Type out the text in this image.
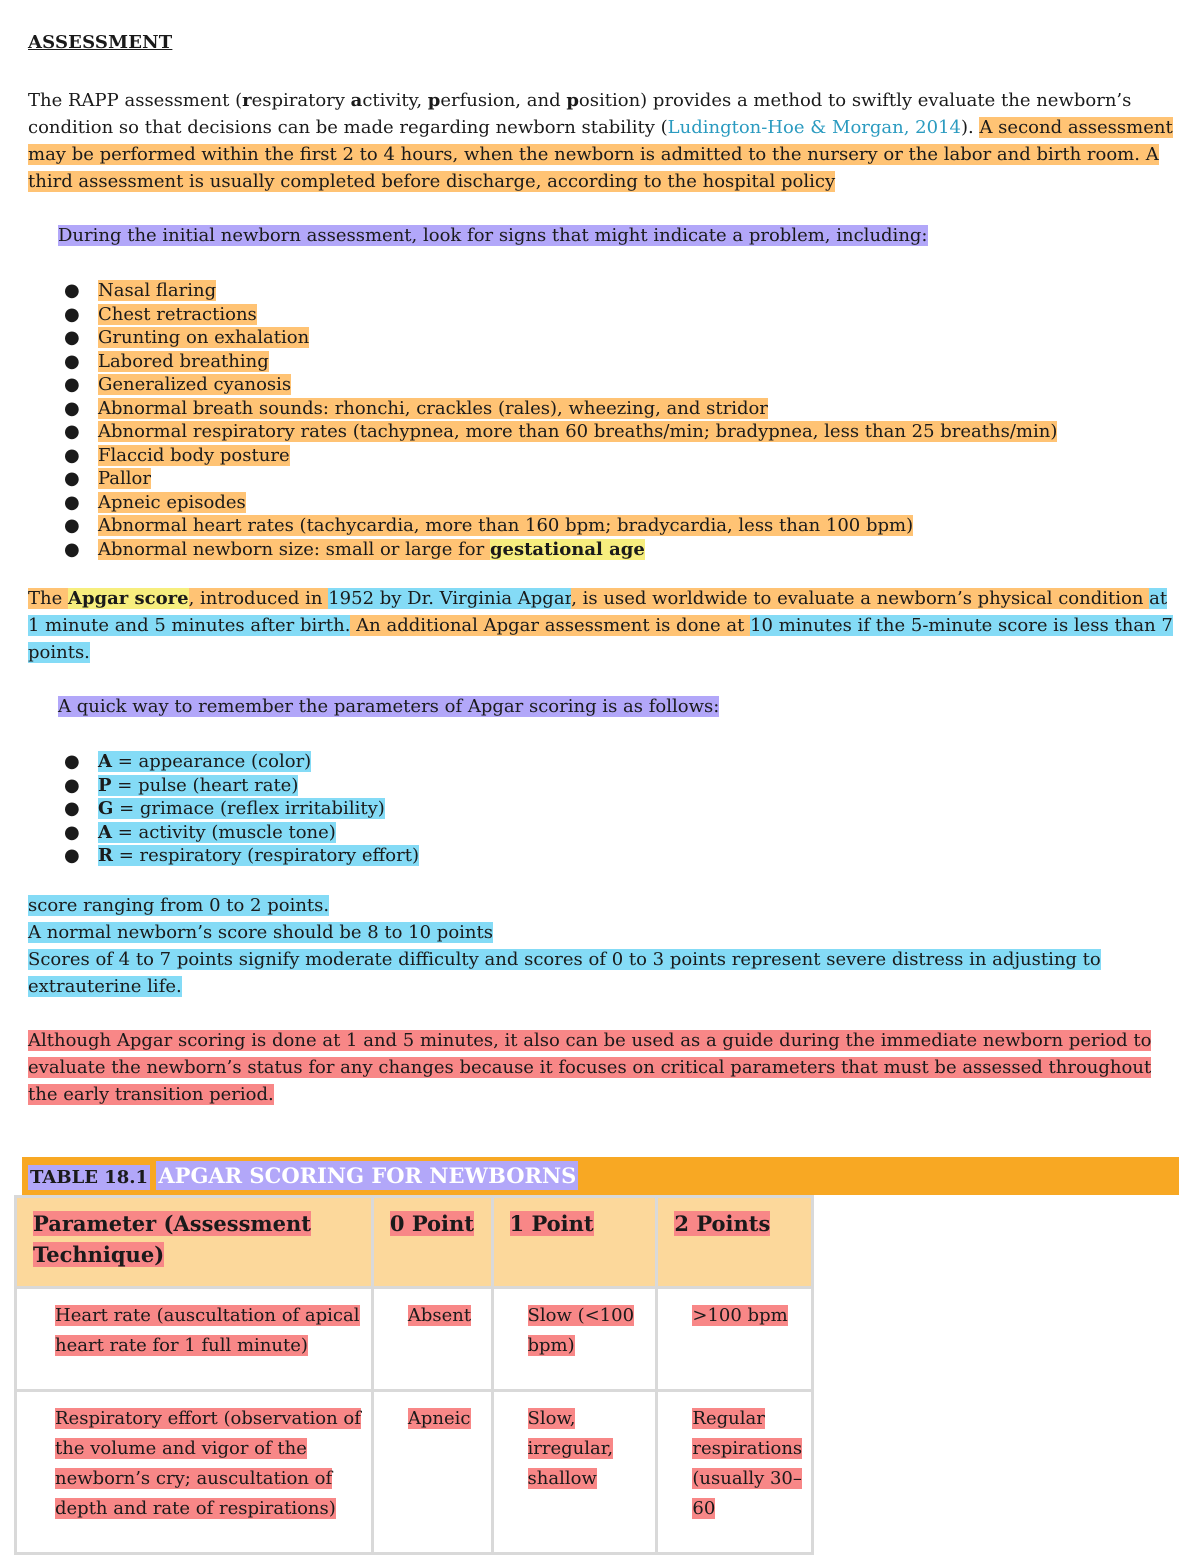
ASSESSMENT

The RAPP assessment (respiratory activity, perfusion, and position) provides a method to swiftly evaluate the newborn’s condition so that decisions can be made regarding newborn stability (Ludington-Hoe & Morgan, 2014). A second assessment may be performed within the first 2 to 4 hours, when the newborn is admitted to the nursery or the labor and birth room. A third assessment is usually completed before discharge, according to the hospital policy

During the initial newborn assessment, look for signs that might indicate a problem, including:

● Nasal flaring
● Chest retractions
● Grunting on exhalation
● Labored breathing
● Generalized cyanosis
● Abnormal breath sounds: rhonchi, crackles (rales), wheezing, and stridor
● Abnormal respiratory rates (tachypnea, more than 60 breaths/min; bradypnea, less than 25 breaths/min)
● Flaccid body posture
● Pallor
● Apneic episodes
● Abnormal heart rates (tachycardia, more than 160 bpm; bradycardia, less than 100 bpm)
● Abnormal newborn size: small or large for gestational age

The Apgar score, introduced in 1952 by Dr. Virginia Apgar, is used worldwide to evaluate a newborn’s physical condition at 1 minute and 5 minutes after birth. An additional Apgar assessment is done at 10 minutes if the 5-minute score is less than 7 points.

A quick way to remember the parameters of Apgar scoring is as follows:

● A = appearance (color)
● P = pulse (heart rate)
● G = grimace (reflex irritability)
● A = activity (muscle tone)
● R = respiratory (respiratory effort)

score ranging from 0 to 2 points.

A normal newborn’s score should be 8 to 10 points

Scores of 4 to 7 points signify moderate difficulty and scores of 0 to 3 points represent severe distress in adjusting to extrauterine life.

Although Apgar scoring is done at 1 and 5 minutes, it also can be used as a guide during the immediate newborn period to evaluate the newborn’s status for any changes because it focuses on critical parameters that must be assessed throughout the early transition period.

TABLE 18.1 APGAR SCORING FOR NEWBORNS
Parameter (Assessment Technique)	0 Point	1 Point	2 Points

Heart rate (auscultation of apical heart rate for 1 full minute)	Absent	Slow (<100 bpm)	>100 bpm

Respiratory effort (observation of the volume and vigor of the newborn’s cry; auscultation of depth and rate of respirations)	Apneic	Slow, irregular, shallow	Regular respirations (usually 30–60
